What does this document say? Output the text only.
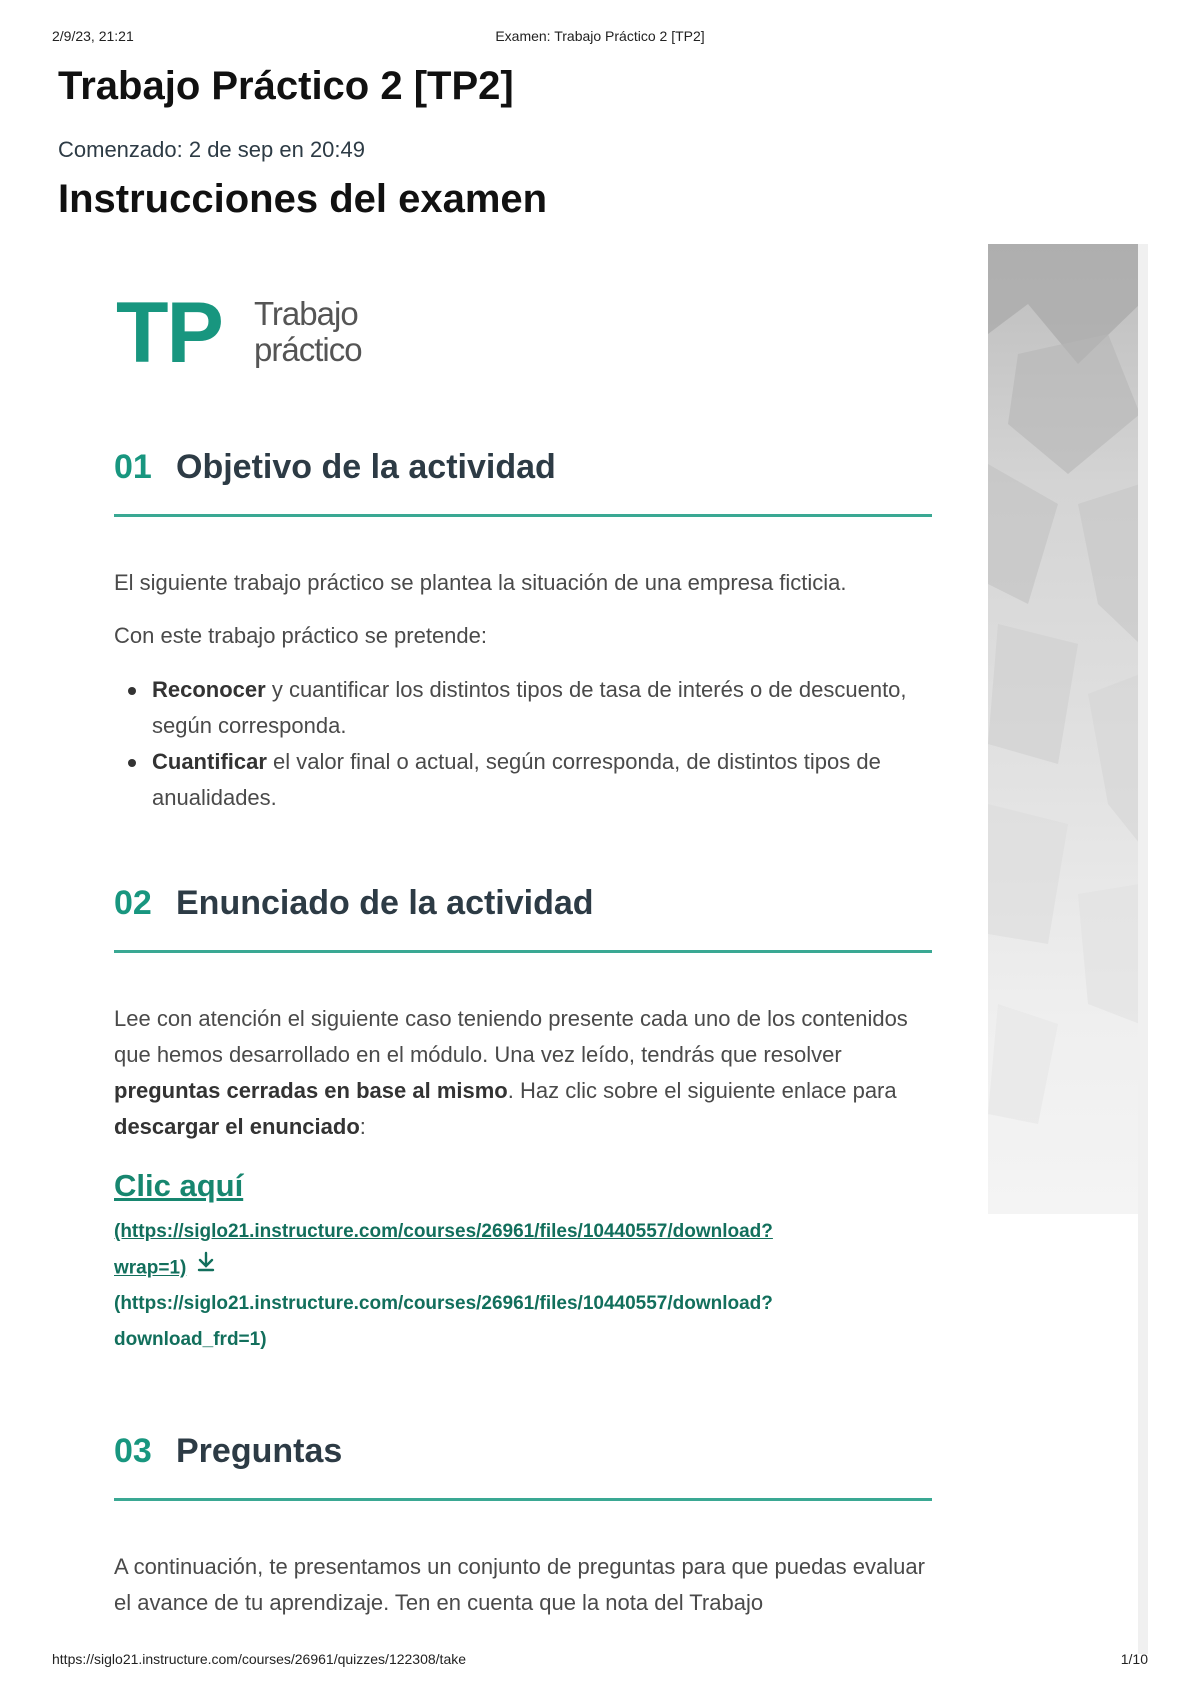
2/9/23, 21:21	Examen: Trabajo Práctico 2 [TP2]
Trabajo Práctico 2 [TP2]

Comenzado: 2 de sep en 20:49

Instrucciones del examen
TP Trabajo
práctico
01 Objetivo de la actividad

El siguiente trabajo práctico se plantea la situación de una empresa ficticia.

Con este trabajo práctico se pretende:

Reconocer y cuantificar los distintos tipos de tasa de interés o de descuento, según corresponda.
Cuantificar el valor final o actual, según corresponda, de distintos tipos de anualidades.
02 Enunciado de la actividad

Lee con atención el siguiente caso teniendo presente cada uno de los contenidos que hemos desarrollado en el módulo. Una vez leído, tendrás que resolver preguntas cerradas en base al mismo. Haz clic sobre el siguiente enlace para descargar el enunciado:

Clic aquí

(https://siglo21.instructure.com/courses/26961/files/10440557/download?
wrap=1)

(https://siglo21.instructure.com/courses/26961/files/10440557/download?
download_frd=1)

03 Preguntas

A continuación, te presentamos un conjunto de preguntas para que puedas evaluar el avance de tu aprendizaje. Ten en cuenta que la nota del Trabajo

https://siglo21.instructure.com/courses/26961/quizzes/122308/take	1/10
